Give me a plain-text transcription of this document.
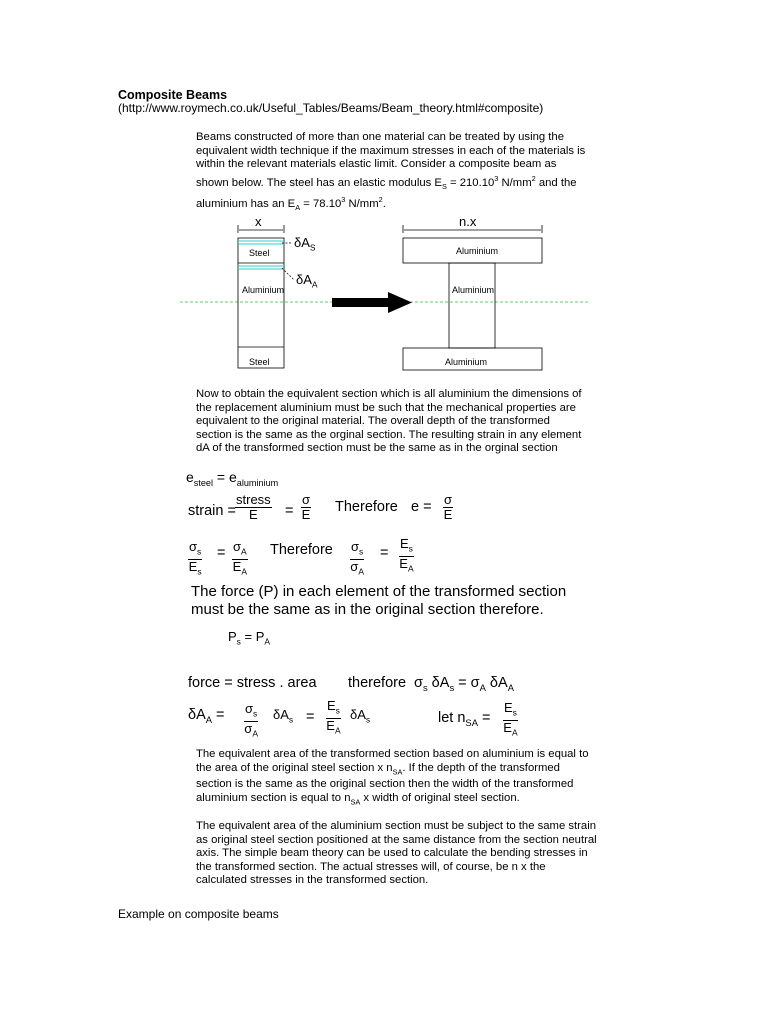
Composite Beams
(http://www.roymech.co.uk/Useful_Tables/Beams/Beam_theory.html#composite)
Beams constructed of more than one material can be treated by using the
equivalent width technique if the maximum stresses in each of the materials is
within the relevant materials elastic limit. Consider a composite beam as
shown below. The steel has an elastic modulus $E_S = 210.10^3$ $N/mm^2$ and the
aluminium has an $E_A = 78.10^3$ $N/mm^2$.
x	n.x
Steel
Aluminium
Steel
$\delta A_S$
$\delta A_A$
Aluminium
Aluminium
Aluminium
Now to obtain the equivalent section which is all aluminium the dimensions of
the replacement aluminium must be such that the mechanical properties are
equivalent to the original material. The overall depth of the transformed
section is the same as the orginal section. The resulting strain in any element
dA of the transformed section must be the same as in the orginal section
$e_{steel} = e_{aluminium}$
strain =
stress
E	= $\frac{\sigma}{E}$ Therefore $e = \frac{\sigma}{E}$
$\frac{\sigma_s}{E_s} = \frac{\sigma_A}{E_A}$ Therefore $\frac{\sigma_s}{\sigma_A} = \frac{E_s}{E_A}$
The force (P) in each element of the transformed section
must be the same as in the original section therefore.
$P_s = P_A$
force = stress . area therefore $\sigma_s$ $\delta A_s = \sigma_A$ $\delta A_A$
$\delta A_A = \frac{\sigma_s}{\sigma_A} \delta A_s = \frac{E_s}{E_A} \delta A_s$	let $n_{SA} = \frac{E_s}{E_A}$
The equivalent area of the transformed section based on aluminium is equal to
the area of the original steel section x $n_{SA}$. If the depth of the transformed
section is the same as the original section then the width of the transformed
aluminium section is equal to $n_{SA}$ x width of original steel section.
The equivalent area of the aluminium section must be subject to the same strain
as original steel section positioned at the same distance from the section neutral
axis. The simple beam theory can be used to calculate the bending stresses in
the transformed section. The actual stresses will, of course, be n x the
calculated stresses in the transformed section.
Example on composite beams
